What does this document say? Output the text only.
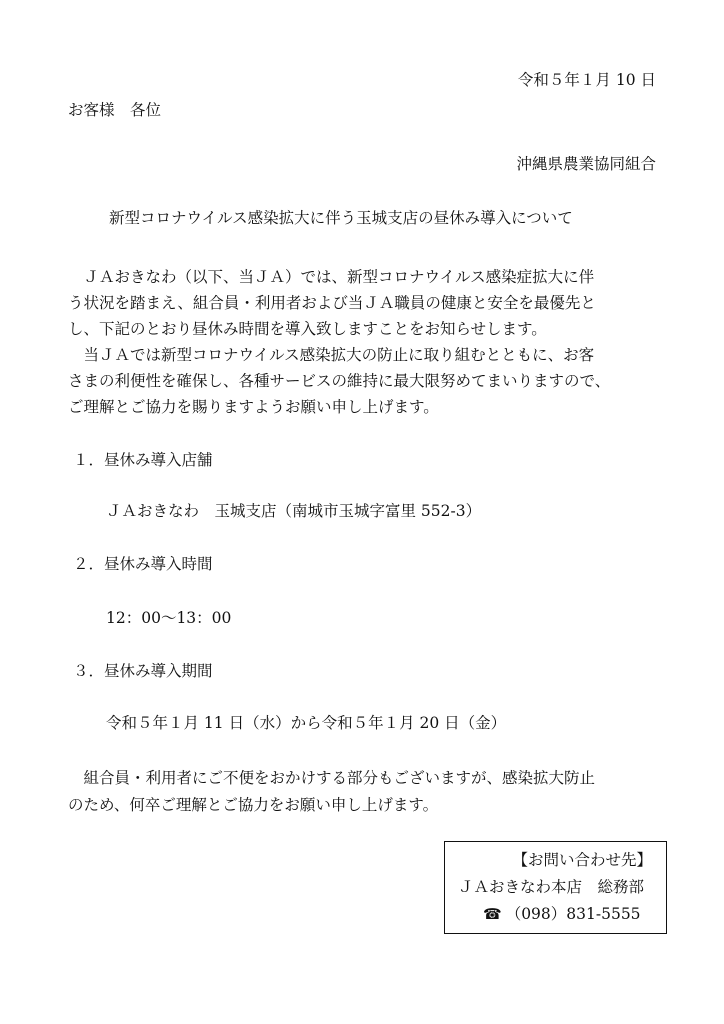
令和５年１月 10 日
お客様　各位
沖縄県農業協同組合
新型コロナウイルス感染拡大に伴う玉城支店の昼休み導入について
　ＪＡおきなわ（以下、当ＪＡ）では、新型コロナウイルス感染症拡大に伴
う状況を踏まえ、組合員・利用者および当ＪＡ職員の健康と安全を最優先と
し、下記のとおり昼休み時間を導入致しますことをお知らせします。
　当ＪＡでは新型コロナウイルス感染拡大の防止に取り組むとともに、お客
さまの利便性を確保し、各種サービスの維持に最大限努めてまいりますので、
ご理解とご協力を賜りますようお願い申し上げます。
１．昼休み導入店舗
ＪＡおきなわ　玉城支店（南城市玉城字富里 552-3）
２．昼休み導入時間
12：00〜13：00
３．昼休み導入期間
令和５年１月 11 日（水）から令和５年１月 20 日（金）
　組合員・利用者にご不便をおかけする部分もございますが、感染拡大防止
のため、何卒ご理解とご協力をお願い申し上げます。
【お問い合わせ先】
ＪＡおきなわ本店　総務部
☎ （098）831-5555
